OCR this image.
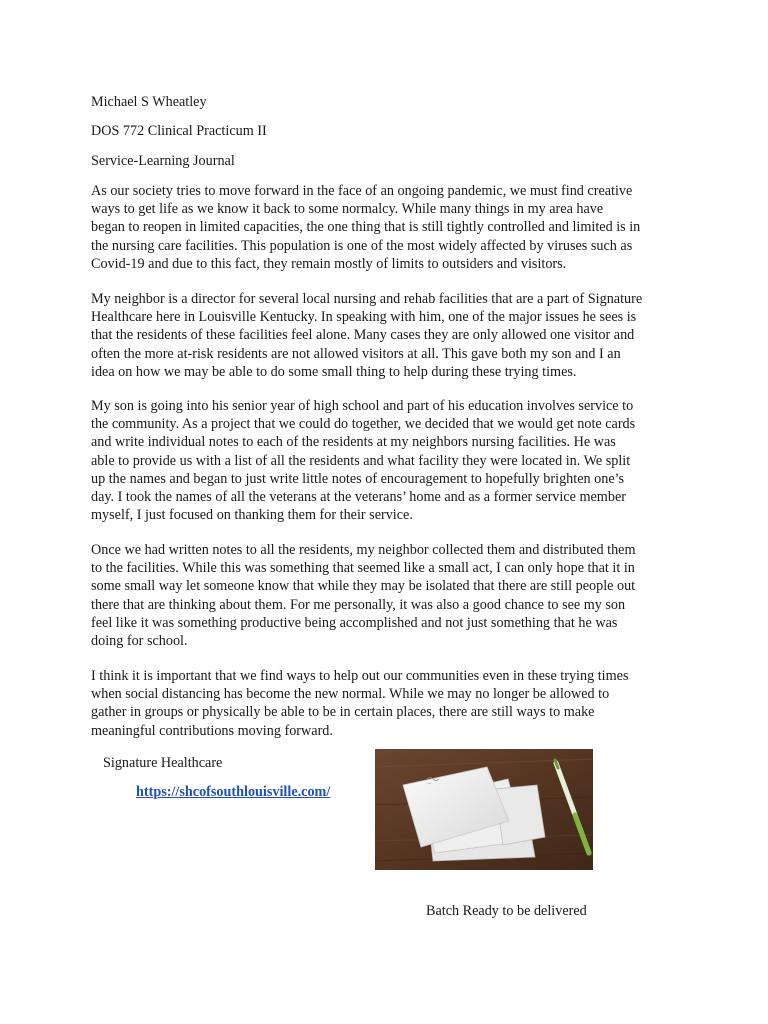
Michael S Wheatley

DOS 772 Clinical Practicum II

Service-Learning Journal

As our society tries to move forward in the face of an ongoing pandemic, we must find creative
ways to get life as we know it back to some normalcy. While many things in my area have
began to reopen in limited capacities, the one thing that is still tightly controlled and limited is in
the nursing care facilities. This population is one of the most widely affected by viruses such as
Covid-19 and due to this fact, they remain mostly of limits to outsiders and visitors.

My neighbor is a director for several local nursing and rehab facilities that are a part of Signature
Healthcare here in Louisville Kentucky. In speaking with him, one of the major issues he sees is
that the residents of these facilities feel alone. Many cases they are only allowed one visitor and
often the more at-risk residents are not allowed visitors at all. This gave both my son and I an
idea on how we may be able to do some small thing to help during these trying times.

My son is going into his senior year of high school and part of his education involves service to
the community. As a project that we could do together, we decided that we would get note cards
and write individual notes to each of the residents at my neighbors nursing facilities. He was
able to provide us with a list of all the residents and what facility they were located in. We split
up the names and began to just write little notes of encouragement to hopefully brighten one’s
day. I took the names of all the veterans at the veterans’ home and as a former service member
myself, I just focused on thanking them for their service.

Once we had written notes to all the residents, my neighbor collected them and distributed them
to the facilities. While this was something that seemed like a small act, I can only hope that it in
some small way let someone know that while they may be isolated that there are still people out
there that are thinking about them. For me personally, it was also a good chance to see my son
feel like it was something productive being accomplished and not just something that he was
doing for school.

I think it is important that we find ways to help out our communities even in these trying times
when social distancing has become the new normal. While we may no longer be allowed to
gather in groups or physically be able to be in certain places, there are still ways to make
meaningful contributions moving forward.

Signature Healthcare

https://shcofsouthlouisville.com/

Batch Ready to be delivered
